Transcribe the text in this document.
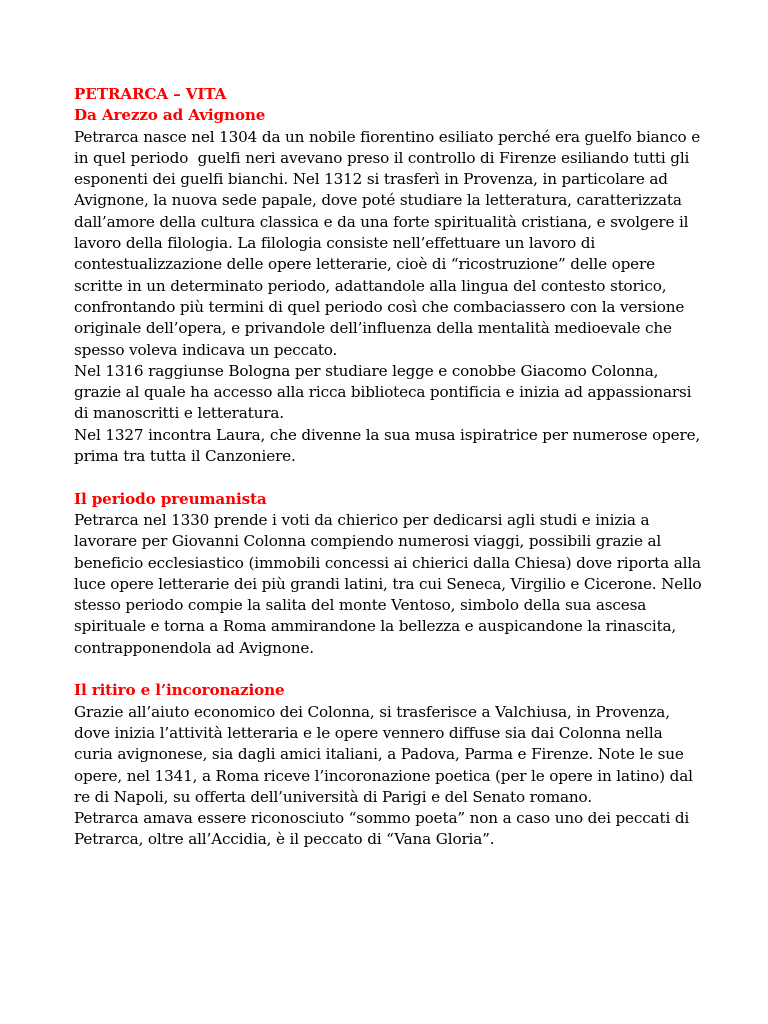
PETRARCA – VITA
Da Arezzo ad Avignone

Petrarca nasce nel 1304 da un nobile fiorentino esiliato perché era guelfo bianco e in quel periodo  guelfi neri avevano preso il controllo di Firenze esiliando tutti gli esponenti dei guelfi bianchi. Nel 1312 si trasferì in Provenza, in particolare ad Avignone, la nuova sede papale, dove poté studiare la letteratura, caratterizzata dall’amore della cultura classica e da una forte spiritualità cristiana, e svolgere il lavoro della filologia. La filologia consiste nell’effettuare un lavoro di contestualizzazione delle opere letterarie, cioè di “ricostruzione” delle opere scritte in un determinato periodo, adattandole alla lingua del contesto storico, confrontando più termini di quel periodo così che combaciassero con la versione originale dell’opera, e privandole dell’influenza della mentalità medioevale che spesso voleva indicava un peccato.

Nel 1316 raggiunse Bologna per studiare legge e conobbe Giacomo Colonna, grazie al quale ha accesso alla ricca biblioteca pontificia e inizia ad appassionarsi di manoscritti e letteratura.

Nel 1327 incontra Laura, che divenne la sua musa ispiratrice per numerose opere, prima tra tutta il Canzoniere.

Il periodo preumanista

Petrarca nel 1330 prende i voti da chierico per dedicarsi agli studi e inizia a lavorare per Giovanni Colonna compiendo numerosi viaggi, possibili grazie al beneficio ecclesiastico (immobili concessi ai chierici dalla Chiesa) dove riporta alla luce opere letterarie dei più grandi latini, tra cui Seneca, Virgilio e Cicerone. Nello stesso periodo compie la salita del monte Ventoso, simbolo della sua ascesa spirituale e torna a Roma ammirandone la bellezza e auspicandone la rinascita, contrapponendola ad Avignone.

Il ritiro e l’incoronazione

Grazie all’aiuto economico dei Colonna, si trasferisce a Valchiusa, in Provenza, dove inizia l’attività letteraria e le opere vennero diffuse sia dai Colonna nella curia avignonese, sia dagli amici italiani, a Padova, Parma e Firenze. Note le sue opere, nel 1341, a Roma riceve l’incoronazione poetica (per le opere in latino) dal re di Napoli, su offerta dell’università di Parigi e del Senato romano.

Petrarca amava essere riconosciuto “sommo poeta” non a caso uno dei peccati di Petrarca, oltre all’Accidia, è il peccato di “Vana Gloria”.
